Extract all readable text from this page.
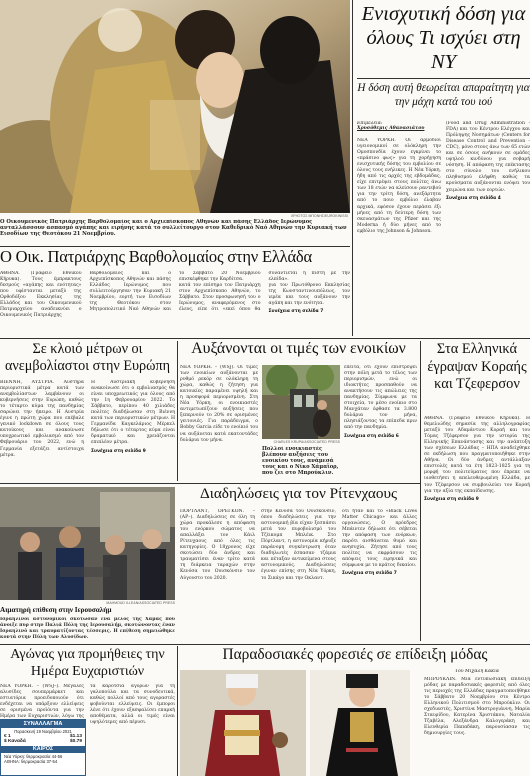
ΧΡΗΣΤΟΣ ΜΠΟΝΗΣ/EUROKINISSI
Ο Οικουμενικός Πατριάρχης Βαρθολομαίος και ο Αρχιεπίσκοπος Αθηνών και πάσης Ελλάδος Ιερώνυμος ανταλλάσσουν ασπασμό αγάπης και ειρήνης κατά το συλλείτουργο στον Καθεδρικό Ναό Αθηνών την Κυριακή των Εισοδίων της Θεοτόκου 21 Νοεμβρίου.
Ο Οικ. Πατριάρχης Βαρθολομαίος στην Ελλάδα

ΑΘΗΝΑ. (Γραφείο Εθνικού Κήρυκα). Τους έμπρακτους δεσμούς «αγάπης και ενότητας» που υφίστανται μεταξύ της Ορθοδόξου Εκκλησίας της Ελλάδος και του Οικουμενικού Πατριαρχείου αναδεικνύει ο Οικουμενικός Πατριάρχης

Βαρθολομαίος και ο Αρχιεπίσκοπος Αθηνών και πάσης Ελλάδος Ιερώνυμος που συλλειτούργησαν την Κυριακή 21 Νοεμβρίου, εορτή των Εισοδίων της Θεοτόκου στον Μητροπολιτικό Ναό Αθηνών και το Σάββατο 20 Νοεμβρίου επισκέφθηκε την Καρδίτσα.

κατά τον επίσημο τον Πατριάρχη στον Αρχιεπίσκοπο Αθηνών, το Σάββατο. Στον προσφωνησή του ο Ιερώνυμος, αναφερόμενος στο έλεος, είπε ότι «εκεί όπου θα συναντιέται η πίστη με την ελπίδα».

για τον Πρωτόθρονο Εκκλησίας της Κωνσταντινουπόλεως, τον ιερέα και τους αυξάνουν την αγάπη και την ενότητα.

Συνέχεια στη σελίδα 7
Ενισχυτική δόση για όλους Τι ισχύει στη ΝΥ
Η δόση αυτή θεωρείται απαραίτητη για την μάχη κατά του ιού
Επιμέλεια:
Χρυσόθεμις Αθανασιάτου

ΝΕΑ ΥΟΡΚΗ. Οι αρμόδιοι υγειονομικοί σε ολόκληρη την Ομοσπονδία έχουν εγκρίνει το «πράσινο φως» για τη χορήγηση ενισχυτικής δόσης του εμβολίου σε όλους τους ενήλικες. Η Νέα Υόρκη, ήδη από τις αρχές της εβδομάδας, είχε επιτρέψει στους πολίτες άνω των 18 ετών να κλείσουν ραντεβού για την τρίτη δόση, ανεξάρτητα από το ποιο εμβόλιο έλαβαν αρχικά, εφόσον έχουν περάσει έξι μήνες από τη δεύτερη δόση των σκευασμάτων της Pfizer και της Moderna ή δύο μήνες από το εμβόλιο της Johnson & Johnson.

(Food and Drug Administration - FDA) και του Κέντρου Ελέγχου και Πρόληψης Νοσημάτων (Centers for Disease Control and Prevention - CDC), μόνο στους άνω των 65 ετών και σε όσους ανήκουν σε ομάδες υψηλού κινδύνου για σοβαρή νόσηση. Η απόφαση της επέκτασης στο σύνολο του ενήλικου πληθυσμού ελήφθη καθώς τα κρούσματα αυξάνονται ενόψει του χειμώνα και των εορτών.

Συνέχεια στη σελίδα 4
Σε κλοιό μέτρων οι ανεμβολίαστοι στην Ευρώπη

ΒΙΕΝΝΗ, ΑΥΣΤΡΙΑ. Αυστηρά περιοριστικά μέτρα κατά των ανεμβολίαστων λαμβάνουν οι κυβερνήσεις στην Ευρώπη, καθώς το τέταρτο κύμα της πανδημίας σαρώνει την ήπειρο. Η Αυστρία έγινε η πρώτη χώρα που επέβαλε γενικό lockdown σε όλους τους κατοίκους και ανακοίνωσε υποχρεωτικό εμβολιασμό από τον Φεβρουάριο του 2022, ενώ η Γερμανία εξετάζει αντίστοιχα μέτρα.

Η Αυστριακή κυβέρνηση ανακοίνωσε ότι ο εμβολιασμός θα είναι υποχρεωτικός για όλους από την 1η Φεβρουαρίου 2022. Το Σάββατο, περίπου 40 χιλιάδες πολίτες διαδήλωσαν στη Βιέννη κατά των περιοριστικών μέτρων. Η Γερμανίδα Καγκελάριος Μέρκελ δήλωσε ότι ο τέταρτος κύμα είναι δραματικό και χρειάζονται επιπλέον μέτρα.

Συνέχεια στη σελίδα 9
Αυξάνονται οι τιμές των ενοικίων

ΝΕΑ ΥΟΡΚΗ. – (WSJ). Οι τιμές των ενοικίων αυξάνονται με ρυθμό ρεκόρ σε ολόκληρη τη χώρα, καθώς η ζήτηση για κατοικίες παραμένει υψηλή και η προσφορά περιορισμένη. Στη Νέα Υόρκη, οι ενοικιαστές αντιμετωπίζουν αυξήσεις που ξεπερνούν το 20% σε ορισμένες γειτονιές. Για παράδειγμα, ο Bobby Garcia είδε το ενοίκιό του να αυξάνεται κατά εκατοντάδες δολάρια τον μήνα.	CHARLES KRUPA/ASSOCIATED PRESS
Πολλοί ενοικιαστές βλέπουν αυξήσεις του ενοικίου τους, ανάμεσά τους και ο Νίκο Χάμαϊορ, που ζει στο Μπρούκλιν.

έπειτα, ότι έχουν επιστρέψει στην πόλη μετά το τέλος των περιορισμών, ενώ οι ιδιοκτήτες προσπαθούν να ανακτήσουν τις απώλειες της πανδημίας. Σύμφωνα με τα στοιχεία, το μέσο ενοίκιο στο Μανχάταν έφθασε τα 3.800 δολάρια τον μήνα, πλησιάζοντας τα επίπεδα πριν από την πανδημία.

Συνέχεια στη σελίδα 6
Στα Ελληνικά έγραψαν Κοραής και Τζεφερσον

ΑΘΗΝΑ. (Γραφείο Εθνικού Κήρυκα). Η θεμελιώδης σημασία της αλληλογραφίας μεταξύ του Αδαμάντιου Κοραή και του Τόμας Τζέφερσον για την ιστορία της Ελληνικής Επανάστασης και την ανάπτυξη των σχέσεων Ελλάδας – ΗΠΑ αναδείχθηκε σε εκδήλωση που πραγματοποιήθηκε στην Αθήνα. Οι δύο άνδρες αντάλλαξαν επιστολές κατά τα έτη 1823-1825 για τη μορφή του πολιτεύματος που έπρεπε να υιοθετήσει η απελευθερωμένη Ελλάδα, με τον Τζέφερσον να συμβουλεύει τον Κοραή για την αξία της εκπαίδευσης.

Συνέχεια στη σελίδα 9
MAHMOUD ILLEAN/ASSOCIATED PRESS
Διαδηλώσεις για τον Ρίτενχαους

ΠΟΡΤΛΑΝΤ, ΟΡΕΓΚΟΝ. – (AP–). Διαδηλώσεις σε όλη τη χώρα προκάλεσε η απόφαση του ενόρκου σώματος να απαλλάξει τον Κάιλ Ρίτενχαους από όλες τις κατηγορίες. Ο 18χρονος είχε σκοτώσει δύο άνδρες και τραυματίσει έναν τρίτο κατά τη διάρκεια ταραχών στην Κενόσα του Ουισκόνσιν τον Αύγουστο του 2020.

στην Κενόσα του Ουισκόνσιν, όπου διαδηλώσεις για την αστυνομική βία είχαν ξεσπάσει μετά τον πυροβολισμό του Τζέικομπ Μπλέικ. Στο Πόρτλαντ, η αστυνομία κήρυξε παράνομη συγκέντρωση όταν διαδηλωτές έσπασαν τζάμια και πέταξαν αντικείμενα στους αστυνομικούς. Διαδηλώσεις έγιναν επίσης στη Νέα Υόρκη, το Σικάγο και την Οκλαντ.

ότι ήταν και το «Black Lives Matter Chicago» και άλλες οργανώσεις. Ο πρόεδρος Μπάιντεν δήλωσε ότι σέβεται την απόφαση των ενόρκων, παρότι αισθάνεται θυμό και ανησυχία. Ζήτησε από τους πολίτες να εκφράσουν τις απόψεις τους ειρηνικά και σύμφωνα με το κράτος δικαίου.

Συνέχεια στη σελίδα 7
Αιματηρή επίθεση στην Ιερουσαλήμ

Ισραηλινοί αστυνομικοί σκότωσαν ένα μέλος της Χαμάς που άνοιξε πυρ στην Παλιά Πόλη της Ιερουσαλήμ, σκοτώνοντας έναν Ισραηλινό και τραυματίζοντας τέσσερις. Η επίθεση σημειώθηκε κοντά στην Πύλη των Αλυσίδων.

Αγώνας για προμήθειες την Ημέρα Ευχαριστιών

ΝΕΑ ΥΟΡΚΗ. – (WSJ–). Μεγάλες αλυσίδες σουπερμάρκετ και εστιατόρια προειδοποιούν ότι ενδέχεται να υπάρξουν ελλείψεις σε ορισμένα προϊόντα για την Ημέρα των Ευχαριστιών, λόγω της

τα καρότσια αγορών για τη γαλοπούλα και τα συνοδευτικά, καθώς πολλοί από τους αγοραστές φοβούνται ελλείψεις. Οι έμποροι λένε ότι έχουν εξασφαλίσει επαρκή αποθέματα, αλλά οι τιμές είναι υψηλότερες από πέρυσι.

ΣΥΝΑΛΛΑΓΜΑ
Παρασκευή 19 Νοεμβρίου 2021
€ 1	$1.13
$ Καναδά	$0.79
ΚΑΙΡΟΣ
Νέα Υόρκη: θερμοκρασία 44-56
ΑΘΗΝΑ: θερμοκρασία 37-54
Παραδοσιακές φορεσιές σε επίδειξη μόδας
Του Μιχάλη Κακιά

ΜΠΡΟΥΚΛΙΝ. Μια εντυπωσιακή επίδειξη μόδας με παραδοσιακές φορεσιές από όλες τις περιοχές της Ελλάδας πραγματοποιήθηκε το Σάββατο 20 Νοεμβρίου στο Κέντρο Ελληνικού Πολιτισμού στο Μπρούκλιν. Οι σχεδιαστές, Χριστίνα Μαστρογιάννη, Μαρία Σταυρίδου, Κατερίνα Χριστάκου, Ναταλία Τζαβέλα, Αλεξάνδρα Καλογεράκη και Ελευθερία Παπαδάκη, παρουσίασαν τις δημιουργίες τους.
